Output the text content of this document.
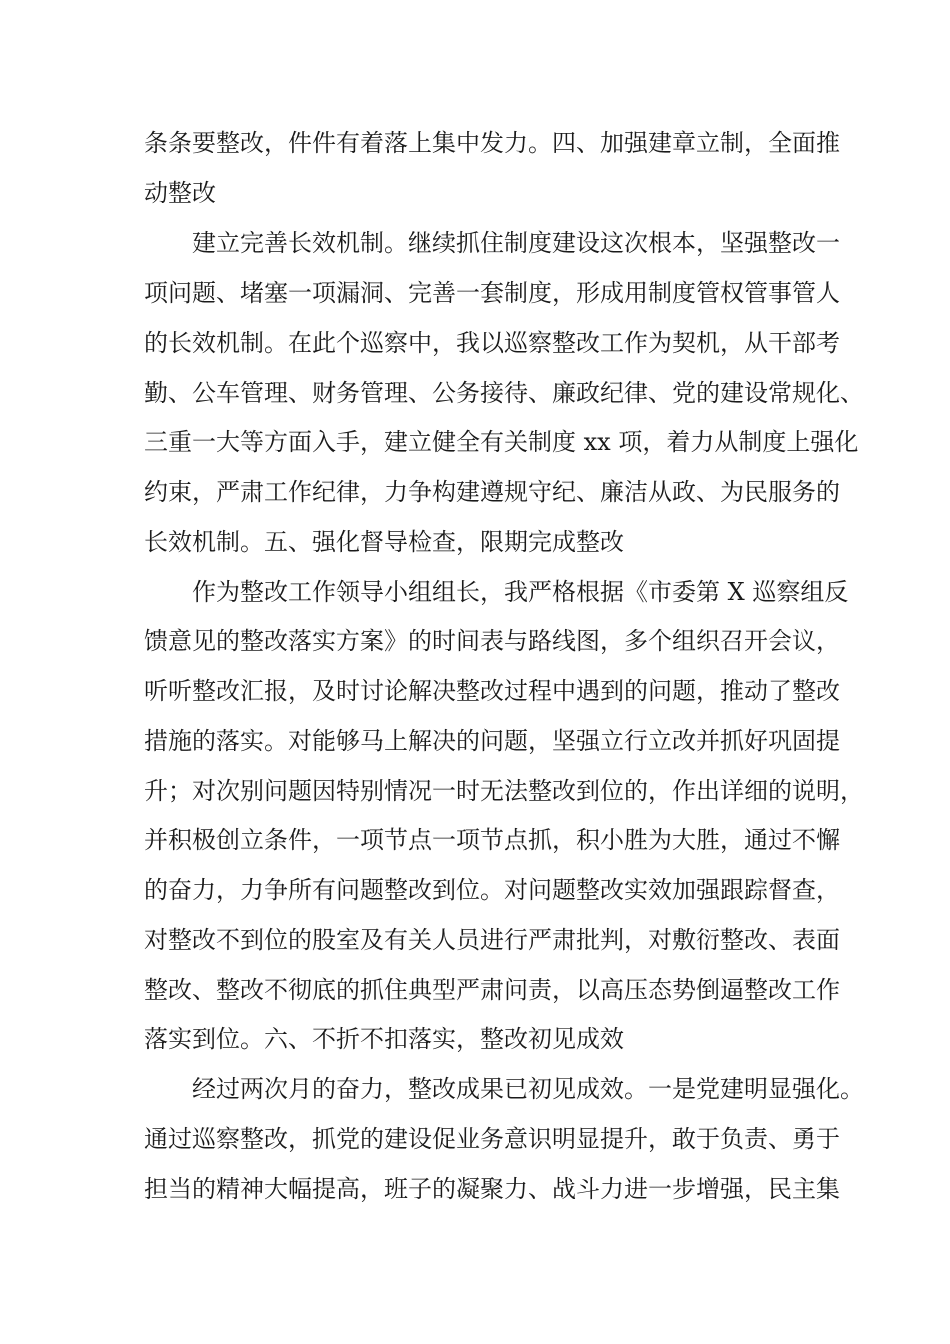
条条要整改，件件有着落上集中发力。四、加强建章立制，全面推
动整改
　　建立完善长效机制。继续抓住制度建设这次根本，坚强整改一
项问题、堵塞一项漏洞、完善一套制度，形成用制度管权管事管人
的长效机制。在此个巡察中，我以巡察整改工作为契机，从干部考
勤、公车管理、财务管理、公务接待、廉政纪律、党的建设常规化、
三重一大等方面入手，建立健全有关制度 xx 项，着力从制度上强化
约束，严肃工作纪律，力争构建遵规守纪、廉洁从政、为民服务的
长效机制。五、强化督导检查，限期完成整改
　　作为整改工作领导小组组长，我严格根据《市委第 X 巡察组反
馈意见的整改落实方案》的时间表与路线图，多个组织召开会议，
听听整改汇报，及时讨论解决整改过程中遇到的问题，推动了整改
措施的落实。对能够马上解决的问题，坚强立行立改并抓好巩固提
升；对次别问题因特别情况一时无法整改到位的，作出详细的说明，
并积极创立条件，一项节点一项节点抓，积小胜为大胜，通过不懈
的奋力，力争所有问题整改到位。对问题整改实效加强跟踪督查，
对整改不到位的股室及有关人员进行严肃批判，对敷衍整改、表面
整改、整改不彻底的抓住典型严肃问责，以高压态势倒逼整改工作
落实到位。六、不折不扣落实，整改初见成效
　　经过两次月的奋力，整改成果已初见成效。一是党建明显强化。
通过巡察整改，抓党的建设促业务意识明显提升，敢于负责、勇于
担当的精神大幅提高，班子的凝聚力、战斗力进一步增强，民主集
